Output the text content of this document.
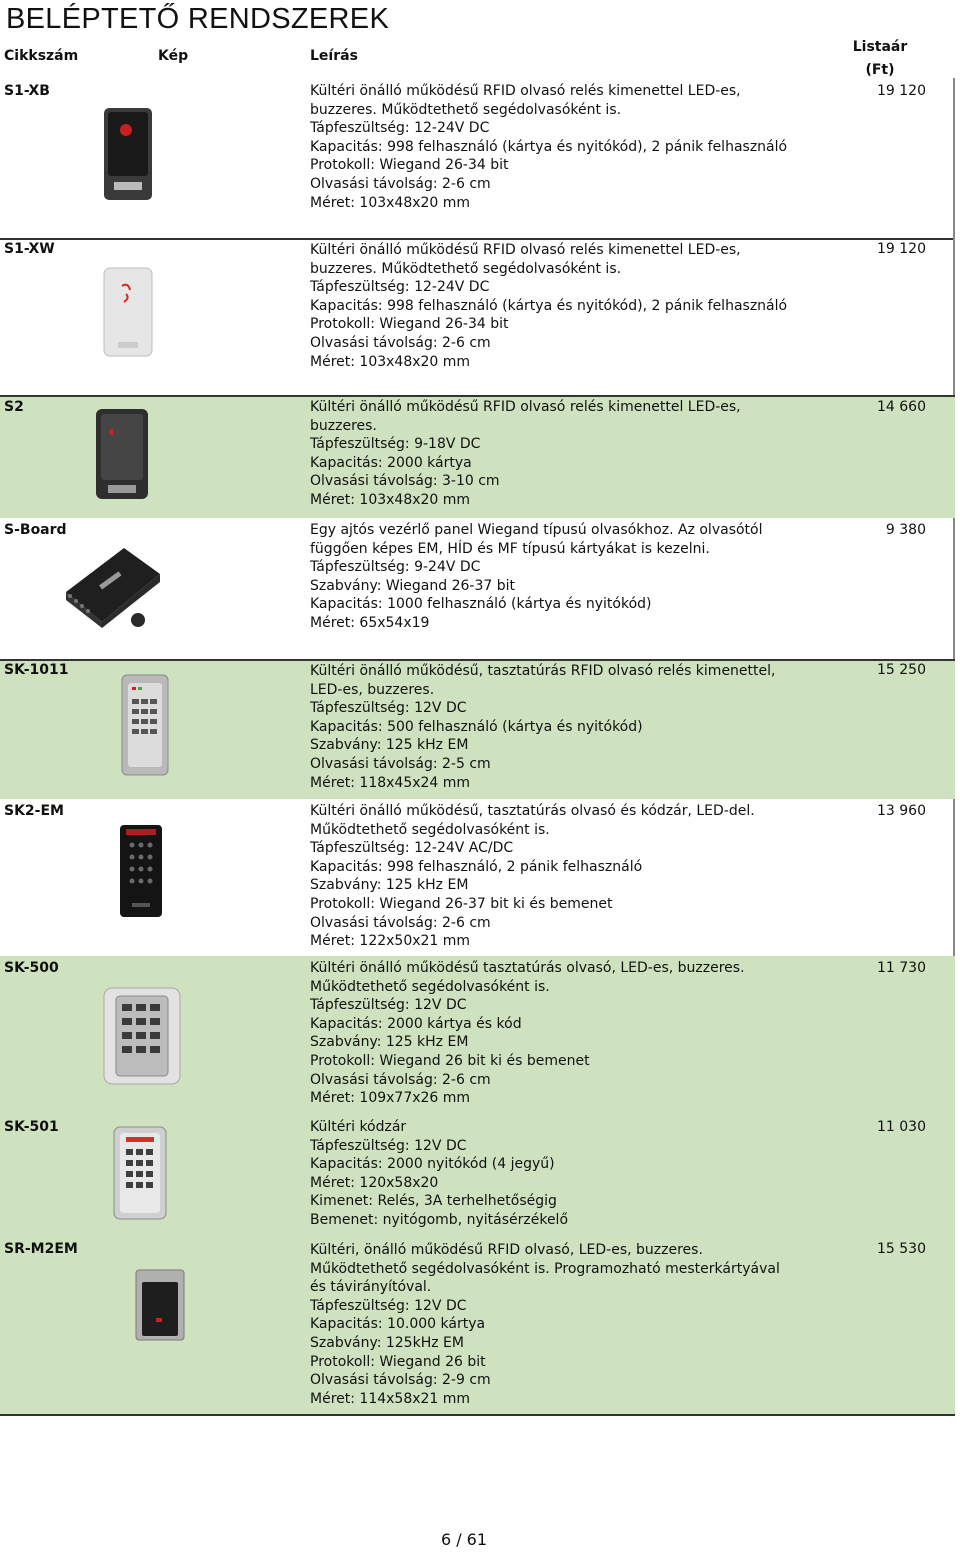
BELÉPTETŐ RENDSZEREK
Cikkszám	Kép	Leírás
Listaár
(Ft)
S1-XB	Kültéri önálló működésű RFID olvasó relés kimenettel LED-es,
buzzeres. Működtethető segédolvasóként is.
Tápfeszültség: 12-24V DC
Kapacitás: 998 felhasználó (kártya és nyitókód), 2 pánik felhasználó
Protokoll: Wiegand 26-34 bit
Olvasási távolság: 2-6 cm
Méret: 103x48x20 mm
19 120
S1-XW	Kültéri önálló működésű RFID olvasó relés kimenettel LED-es,
buzzeres. Működtethető segédolvasóként is.
Tápfeszültség: 12-24V DC
Kapacitás: 998 felhasználó (kártya és nyitókód), 2 pánik felhasználó
Protokoll: Wiegand 26-34 bit
Olvasási távolság: 2-6 cm
Méret: 103x48x20 mm
19 120
S2	Kültéri önálló működésű RFID olvasó relés kimenettel LED-es,
buzzeres.
Tápfeszültség: 9-18V DC
Kapacitás: 2000 kártya
Olvasási távolság: 3-10 cm
Méret: 103x48x20 mm
14 660
S-Board	Egy ajtós vezérlő panel Wiegand típusú olvasókhoz. Az olvasótól
függően képes EM, HÍD és MF típusú kártyákat is kezelni.
Tápfeszültség: 9-24V DC
Szabvány: Wiegand 26-37 bit
Kapacitás: 1000 felhasználó (kártya és nyitókód)
Méret: 65x54x19
9 380
SK-1011	Kültéri önálló működésű, tasztatúrás RFID olvasó relés kimenettel,
LED-es, buzzeres.
Tápfeszültség: 12V DC
Kapacitás: 500 felhasználó (kártya és nyitókód)
Szabvány: 125 kHz EM
Olvasási távolság: 2-5 cm
Méret: 118x45x24 mm
15 250
SK2-EM	Kültéri önálló működésű, tasztatúrás olvasó és kódzár, LED-del.
Működtethető segédolvasóként is.
Tápfeszültség: 12-24V AC/DC
Kapacitás: 998 felhasználó, 2 pánik felhasználó
Szabvány: 125 kHz EM
Protokoll: Wiegand 26-37 bit ki és bemenet
Olvasási távolság: 2-6 cm
Méret: 122x50x21 mm
13 960
SK-500	Kültéri önálló működésű tasztatúrás olvasó, LED-es, buzzeres.
Működtethető segédolvasóként is.
Tápfeszültség: 12V DC
Kapacitás: 2000 kártya és kód
Szabvány: 125 kHz EM
Protokoll: Wiegand 26 bit ki és bemenet
Olvasási távolság: 2-6 cm
Méret: 109x77x26 mm
11 730
SK-501	Kültéri kódzár
Tápfeszültség: 12V DC
Kapacitás: 2000 nyitókód (4 jegyű)
Méret: 120x58x20
Kimenet: Relés, 3A terhelhetőségig
Bemenet: nyitógomb, nyitásérzékelő
11 030
SR-M2EM	Kültéri, önálló működésű RFID olvasó, LED-es, buzzeres.
Működtethető segédolvasóként is. Programozható mesterkártyával
és távirányítóval.
Tápfeszültség: 12V DC
Kapacitás: 10.000 kártya
Szabvány: 125kHz EM
Protokoll: Wiegand 26 bit
Olvasási távolság: 2-9 cm
Méret: 114x58x21 mm
15 530
6 / 61
